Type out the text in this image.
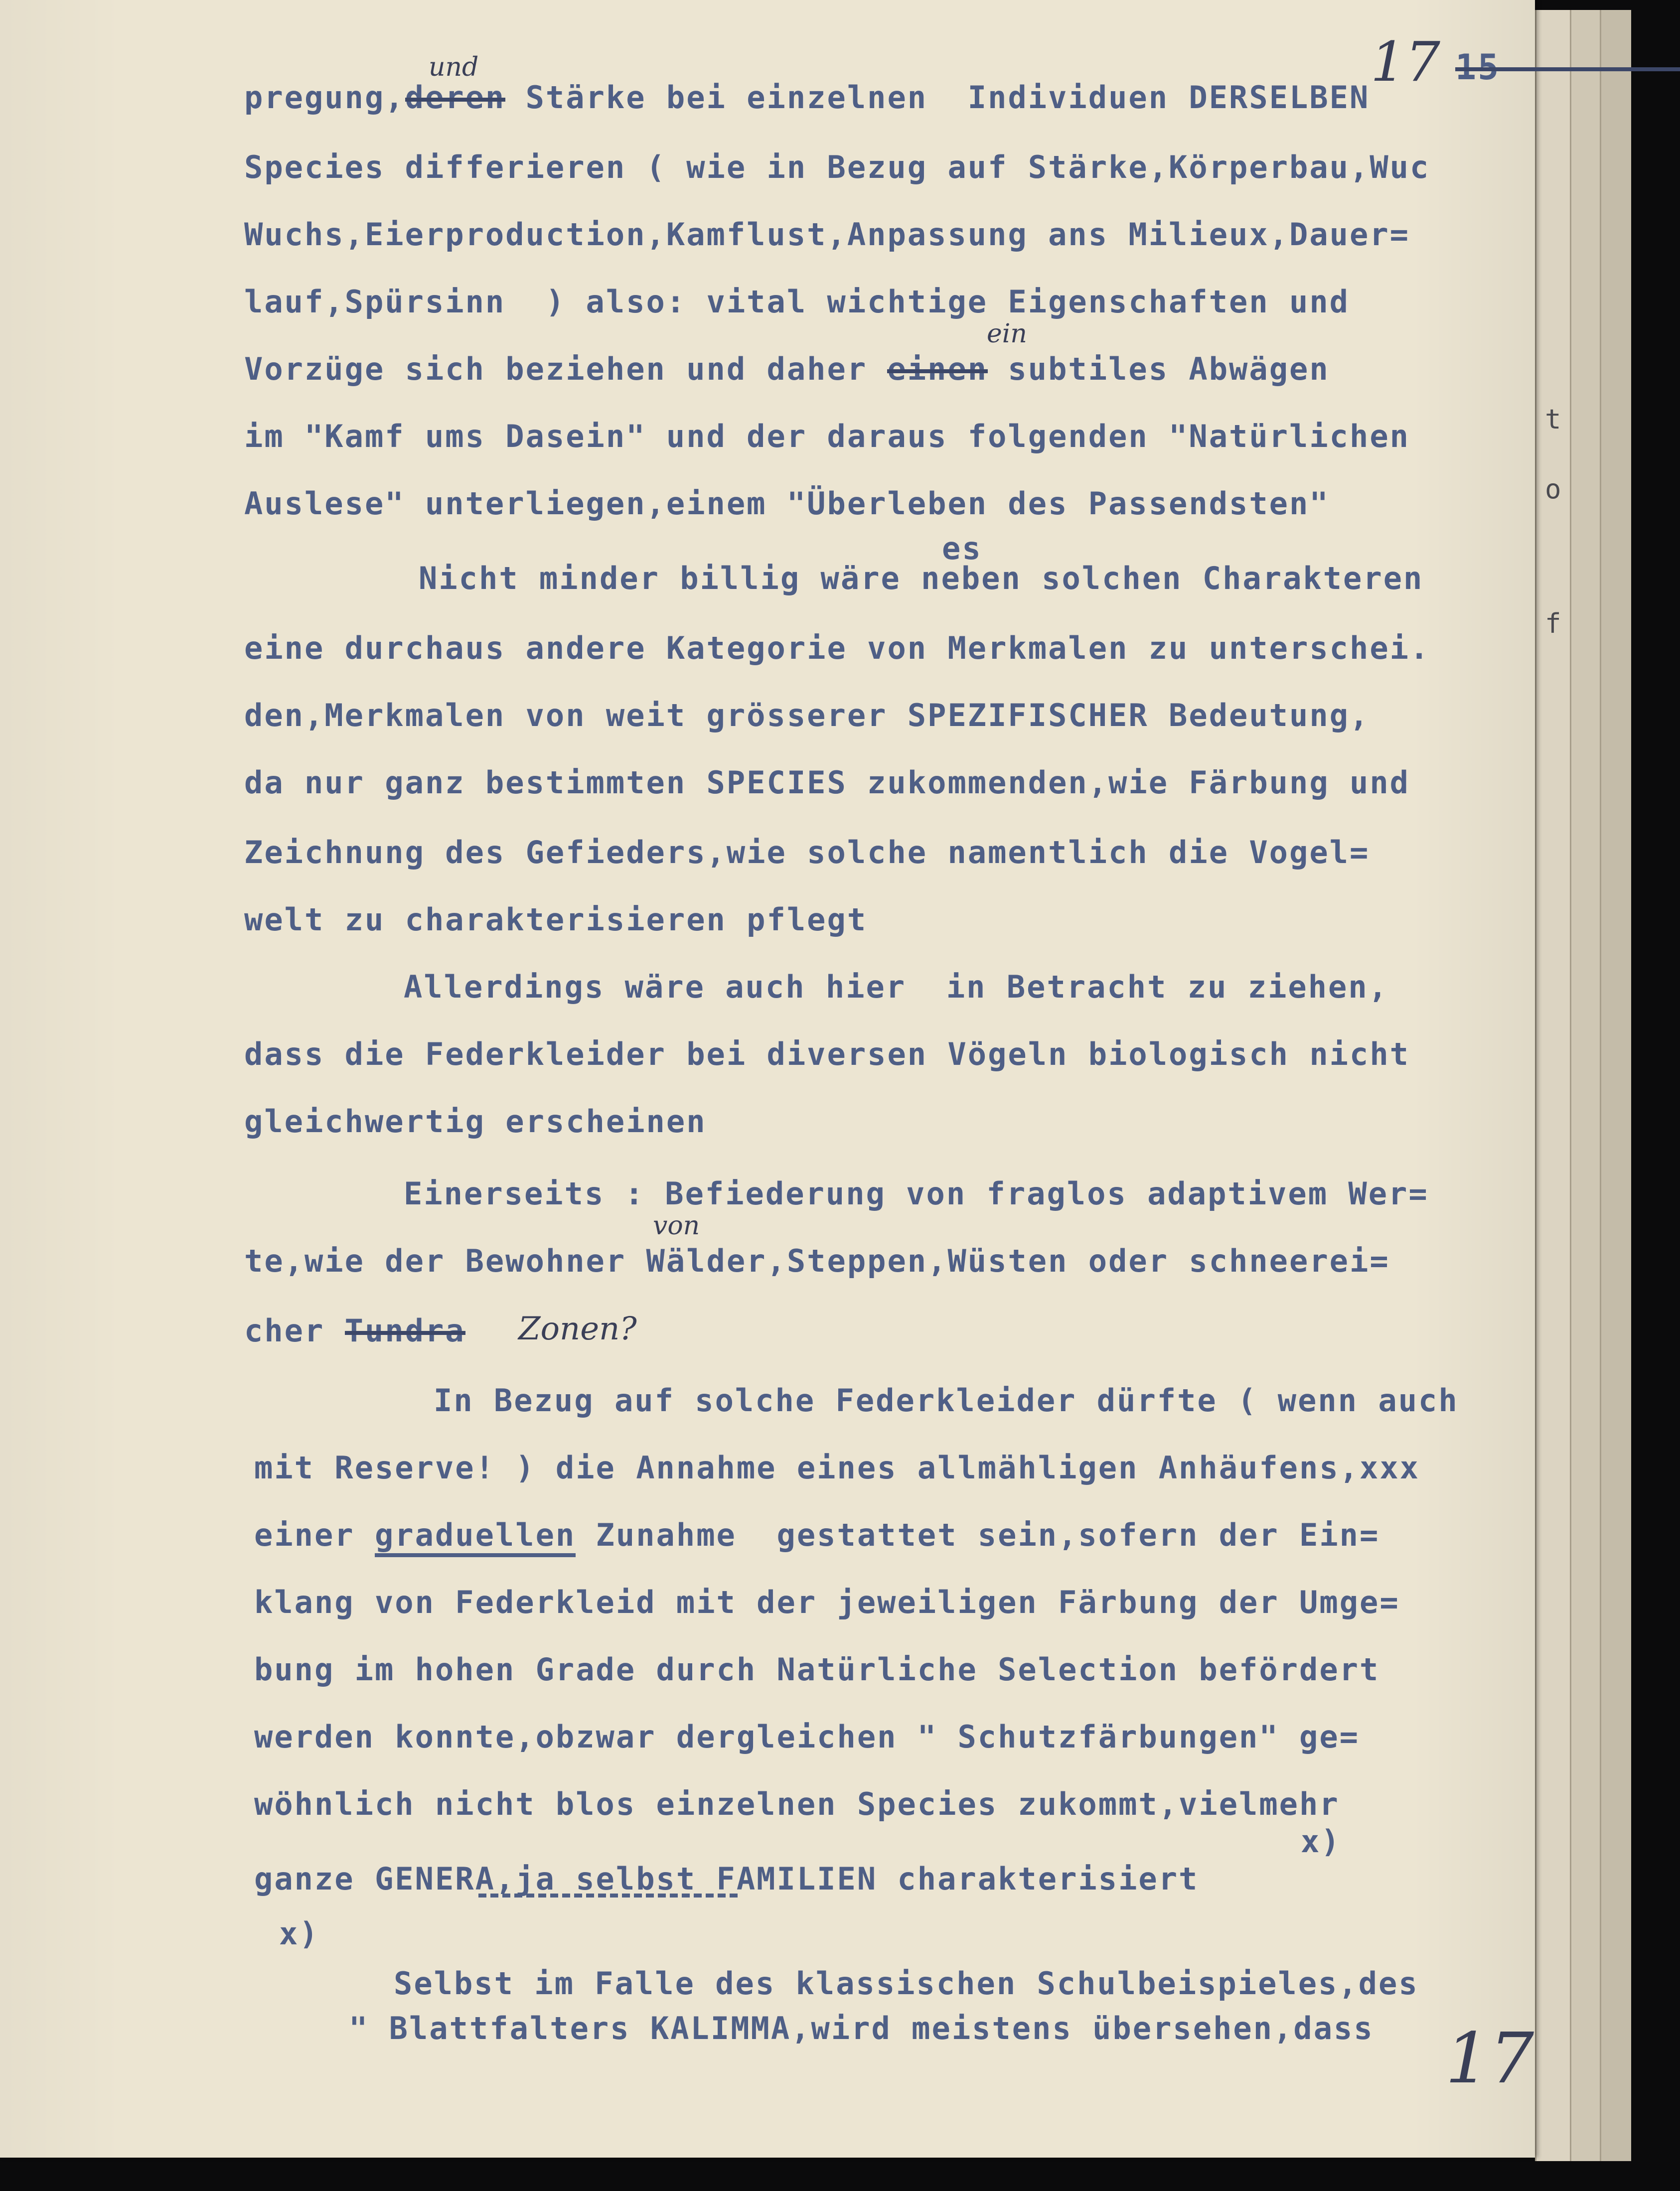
17 15
17
t
o
f
und
ein
es
von
Zonen?
pregung,deren Stärke bei einzelnen  Individuen DERSELBEN
Species differieren ( wie in Bezug auf Stärke,Körperbau,Wuc
Wuchs,Eierproduction,Kamflust,Anpassung ans Milieux,Dauer=
lauf,Spürsinn  ) also: vital wichtige Eigenschaften und
Vorzüge sich beziehen und daher einen subtiles Abwägen
im "Kamf ums Dasein" und der daraus folgenden "Natürlichen
Auslese" unterliegen,einem "Überleben des Passendsten"
Nicht minder billig wäre neben solchen Charakteren
eine durchaus andere Kategorie von Merkmalen zu unterschei.
den,Merkmalen von weit grösserer SPEZIFISCHER Bedeutung,
da nur ganz bestimmten SPECIES zukommenden,wie Färbung und
Zeichnung des Gefieders,wie solche namentlich die Vogel=
welt zu charakterisieren pflegt
Allerdings wäre auch hier  in Betracht zu ziehen,
dass die Federkleider bei diversen Vögeln biologisch nicht
gleichwertig erscheinen
Einerseits : Befiederung von fraglos adaptivem Wer=
te,wie der Bewohner Wälder,Steppen,Wüsten oder schneerei=
cher Tundra
In Bezug auf solche Federkleider dürfte ( wenn auch
mit Reserve! ) die Annahme eines allmähligen Anhäufens,xxx
einer graduellen Zunahme  gestattet sein,sofern der Ein=
klang von Federkleid mit der jeweiligen Färbung der Umge=
bung im hohen Grade durch Natürliche Selection befördert
werden konnte,obzwar dergleichen " Schutzfärbungen" ge=
wöhnlich nicht blos einzelnen Species zukommt,vielmehr
x)
ganze GENERA,ja selbst FAMILIEN charakterisiert
x)
Selbst im Falle des klassischen Schulbeispieles,des
" Blattfalters KALIMMA,wird meistens übersehen,dass
